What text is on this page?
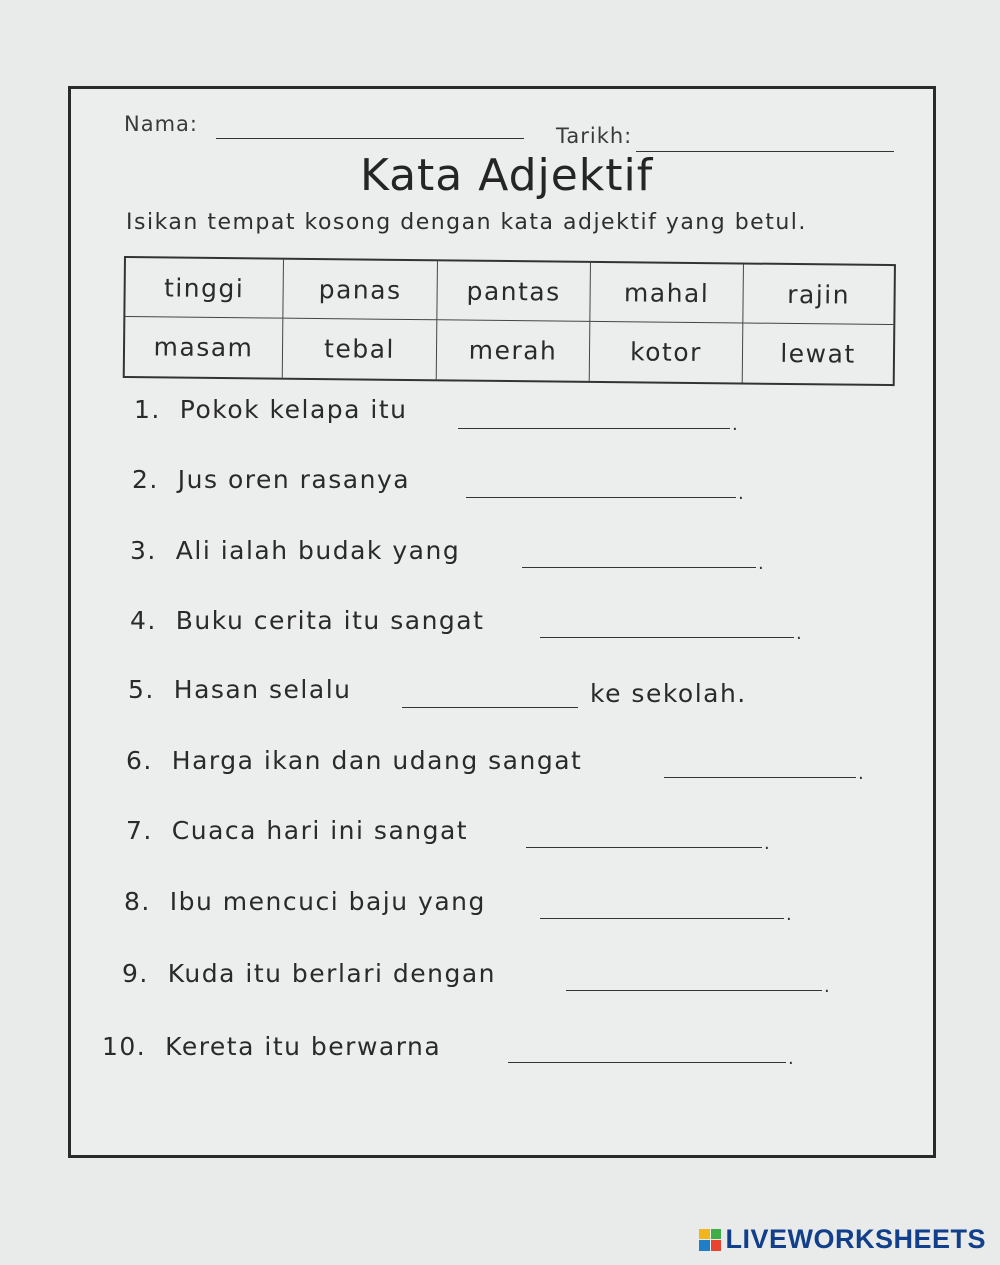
Nama:	Tarikh:
Kata Adjektif
Isikan tempat kosong dengan kata adjektif yang betul.
tinggi	panas	pantas	mahal	rajin
masam	tebal	merah	kotor	lewat
1. Pokok kelapa itu
.
2. Jus oren rasanya	.
3. Ali ialah budak yang	.
4. Buku cerita itu sangat	.
5. Hasan selalu	ke sekolah.
6. Harga ikan dan udang sangat	.
7. Cuaca hari ini sangat	.
8. Ibu mencuci baju yang	.
9. Kuda itu berlari dengan	.
10. Kereta itu berwarna	.
LIVEWORKSHEETS
